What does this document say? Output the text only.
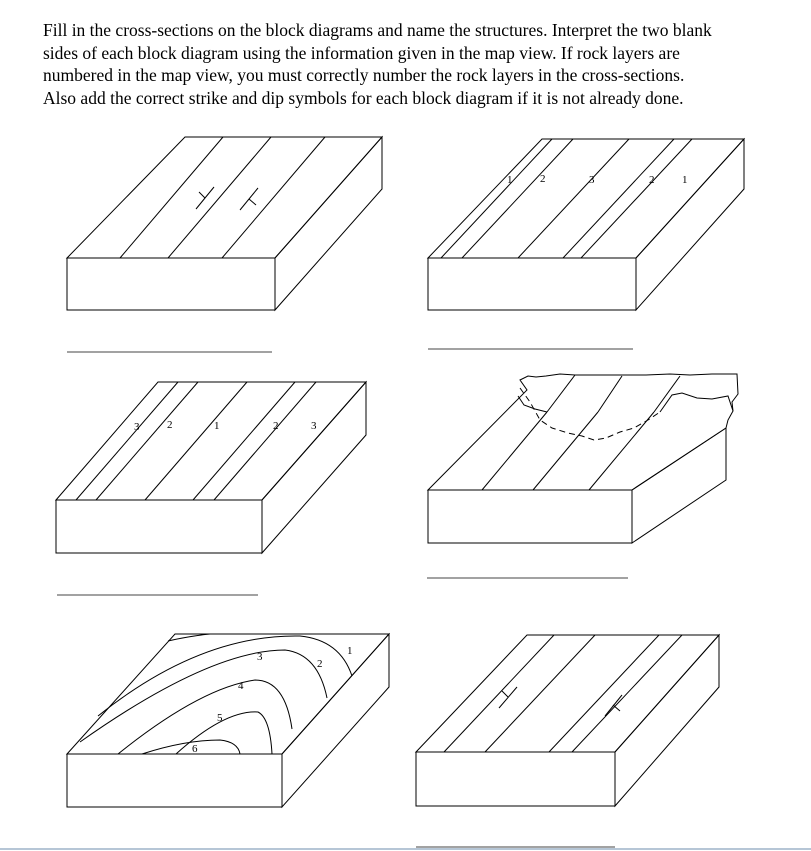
Fill in the cross-sections on the block diagrams and name the structures. Interpret the two blank
sides of each block diagram using the information given in the map view. If rock layers are
numbered in the map view, you must correctly number the rock layers in the cross-sections.
Also add the correct strike and dip symbols for each block diagram if it is not already done.
1	2	3	2	1
3	2	1	2	3
1
2
3
4
5
6
